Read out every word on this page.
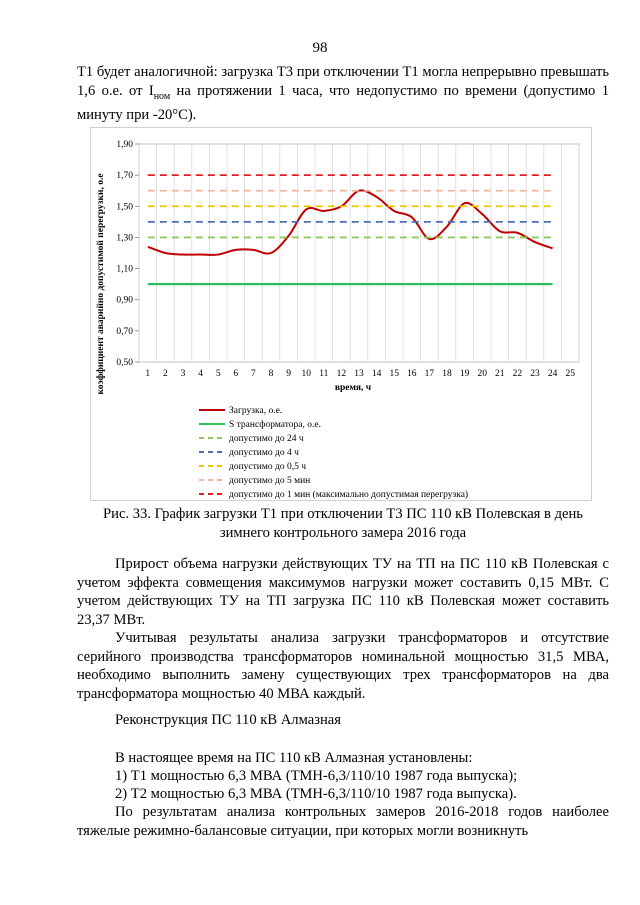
98

Т1 будет аналогичной: загрузка Т3 при отключении Т1 могла непрерывно превышать 1,6 о.е. от $I_{ном}$ на протяжении 1 часа, что недопустимо по времени (допустимо 1 минуту при -20°С).

0,50
0,70
0,90
1,10
1,30
1,50
1,70
1,90
1 2 3 4 5 6 7 8 9 10 11 12 13 14 15 16 17 18 19 20 21 22 23 24 25
коэффициент аварийно допустимой перегрузки, о.е	время, ч
Загрузка, о.е.
S трансформатора, о.е.
допустимо до 24 ч
допустимо до 4 ч
допустимо до 0,5 ч
допустимо до 5 мин
допустимо до 1 мин (максимально допустимая перегрузка)
Рис. 33. График загрузки Т1 при отключении Т3 ПС 110 кВ Полевская в день
зимнего контрольного замера 2016 года

Прирост объема нагрузки действующих ТУ на ТП на ПС 110 кВ Полевская с учетом эффекта совмещения максимумов нагрузки может составить 0,15 МВт. С учетом действующих ТУ на ТП загрузка ПС 110 кВ Полевская может составить 23,37 МВт.

Учитывая результаты анализа загрузки трансформаторов и отсутствие серийного производства трансформаторов номинальной мощностью 31,5 МВА, необходимо выполнить замену существующих трех трансформаторов на два трансформатора мощностью 40 МВА каждый.

Реконструкция ПС 110 кВ Алмазная
В настоящее время на ПС 110 кВ Алмазная установлены:
1) Т1 мощностью 6,3 МВА (ТМН-6,3/110/10 1987 года выпуска);
2) Т2 мощностью 6,3 МВА (ТМН-6,3/110/10 1987 года выпуска).

По результатам анализа контрольных замеров 2016-2018 годов наиболее тяжелые режимно-балансовые ситуации, при которых могли возникнуть
